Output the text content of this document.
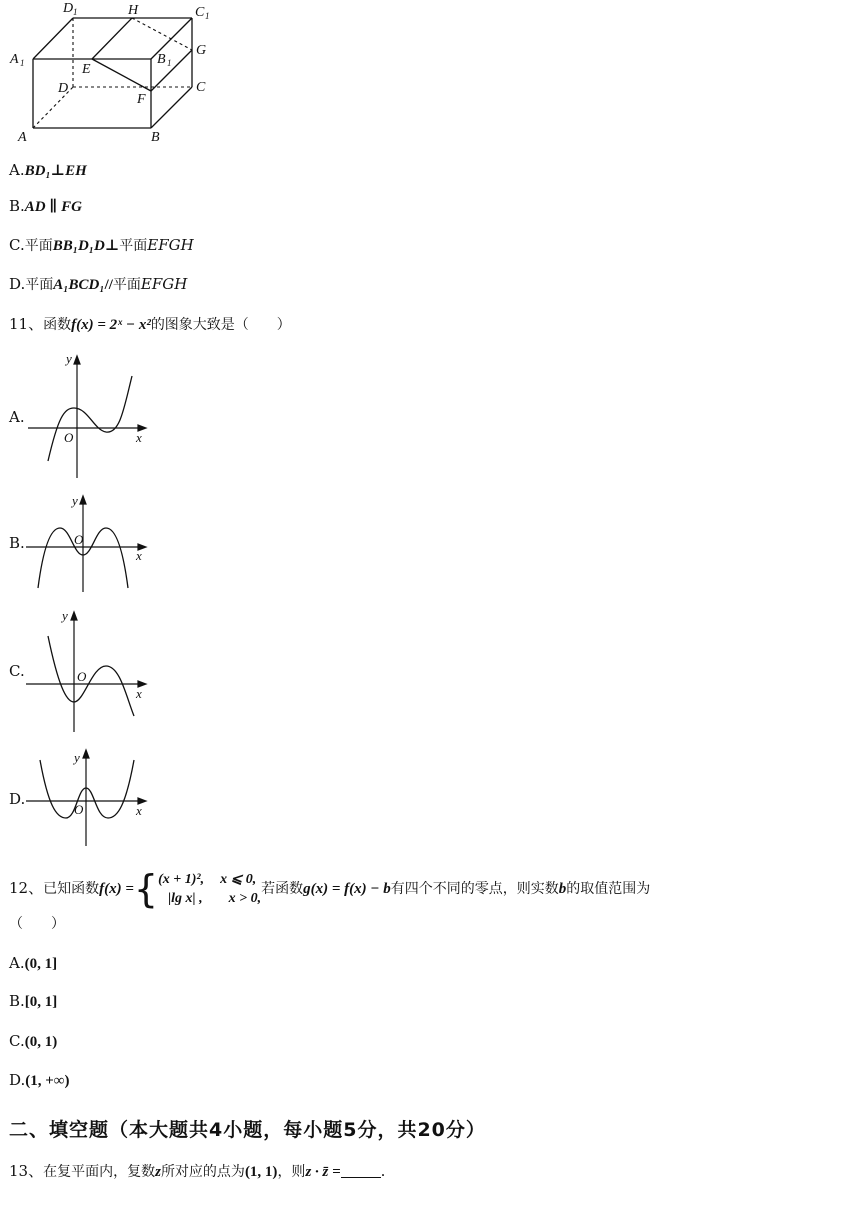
D 1	H	C 1
A 1	E
B 1
G
D
F
C
A	B
A.BD₁⊥EH
B.AD ∥ FG
C.平面BB₁D₁D⊥平面EFGH
D.平面A₁BCD₁//平面EFGH
11、函数f(x) = 2ˣ − x²的图象大致是（　　）
A.
B.
C.
D.
y
x
O
y
x
O
y
x
O
y
x
O
12、已知函数f(x) ={ (x + 1)², x ⩽ 0,
|lg x| , x > 0,
若函数g(x) = f(x) − b有四个不同的零点，则实数b的取值范围为
（　　）
A.(0, 1]
B.[0, 1]
C.(0, 1)
D.(1, +∞)
二、填空题（本大题共4小题，每小题5分，共20分）
13、在复平面内，复数z所对应的点为(1, 1)，则z · z̄ =	.
